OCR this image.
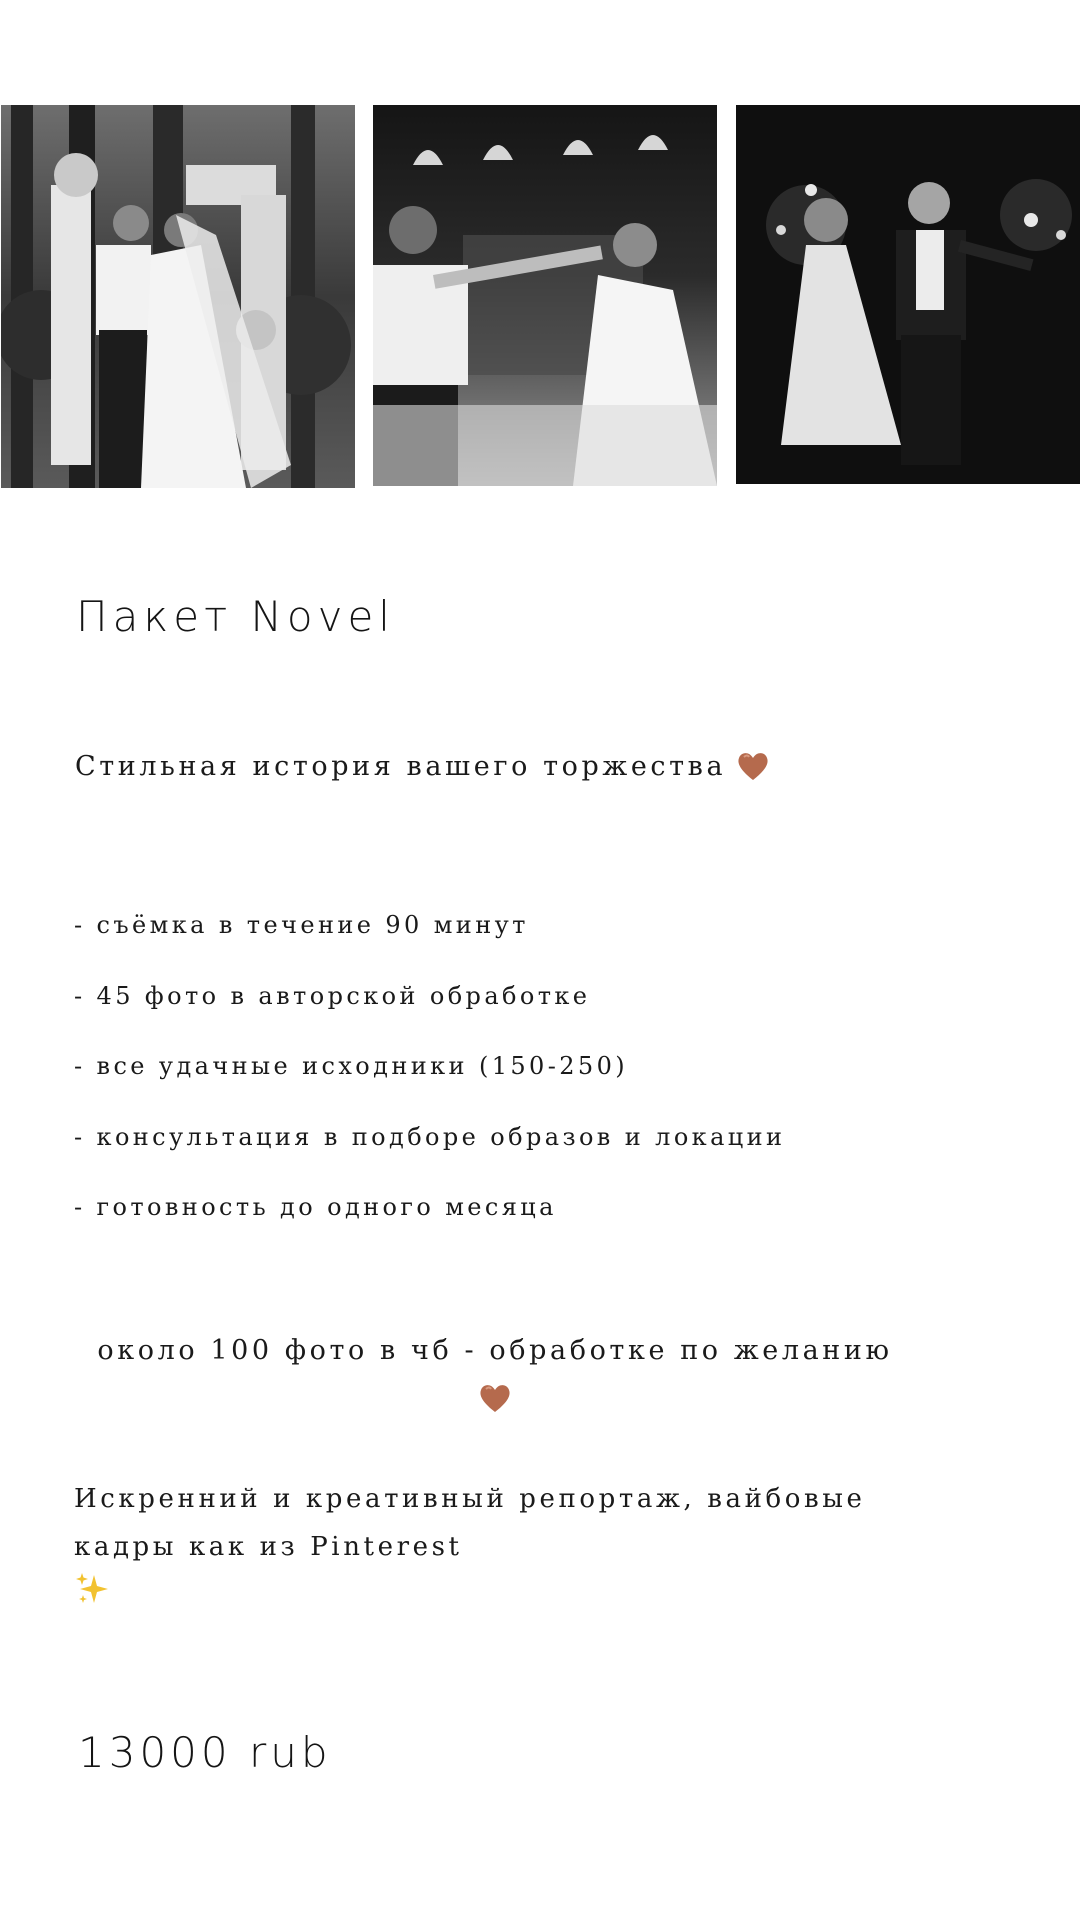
Пакет Novel
Стильная история вашего торжества
- съёмка в течение 90 минут
- 45 фото в авторской обработке
- все удачные исходники (150-250)
- консультация в подборе образов и локации
- готовность до одного месяца
около 100 фото в чб - обработке по желанию
Искренний и креативный репортаж, вайбовые
кадры как из Pinterest
13000 rub
